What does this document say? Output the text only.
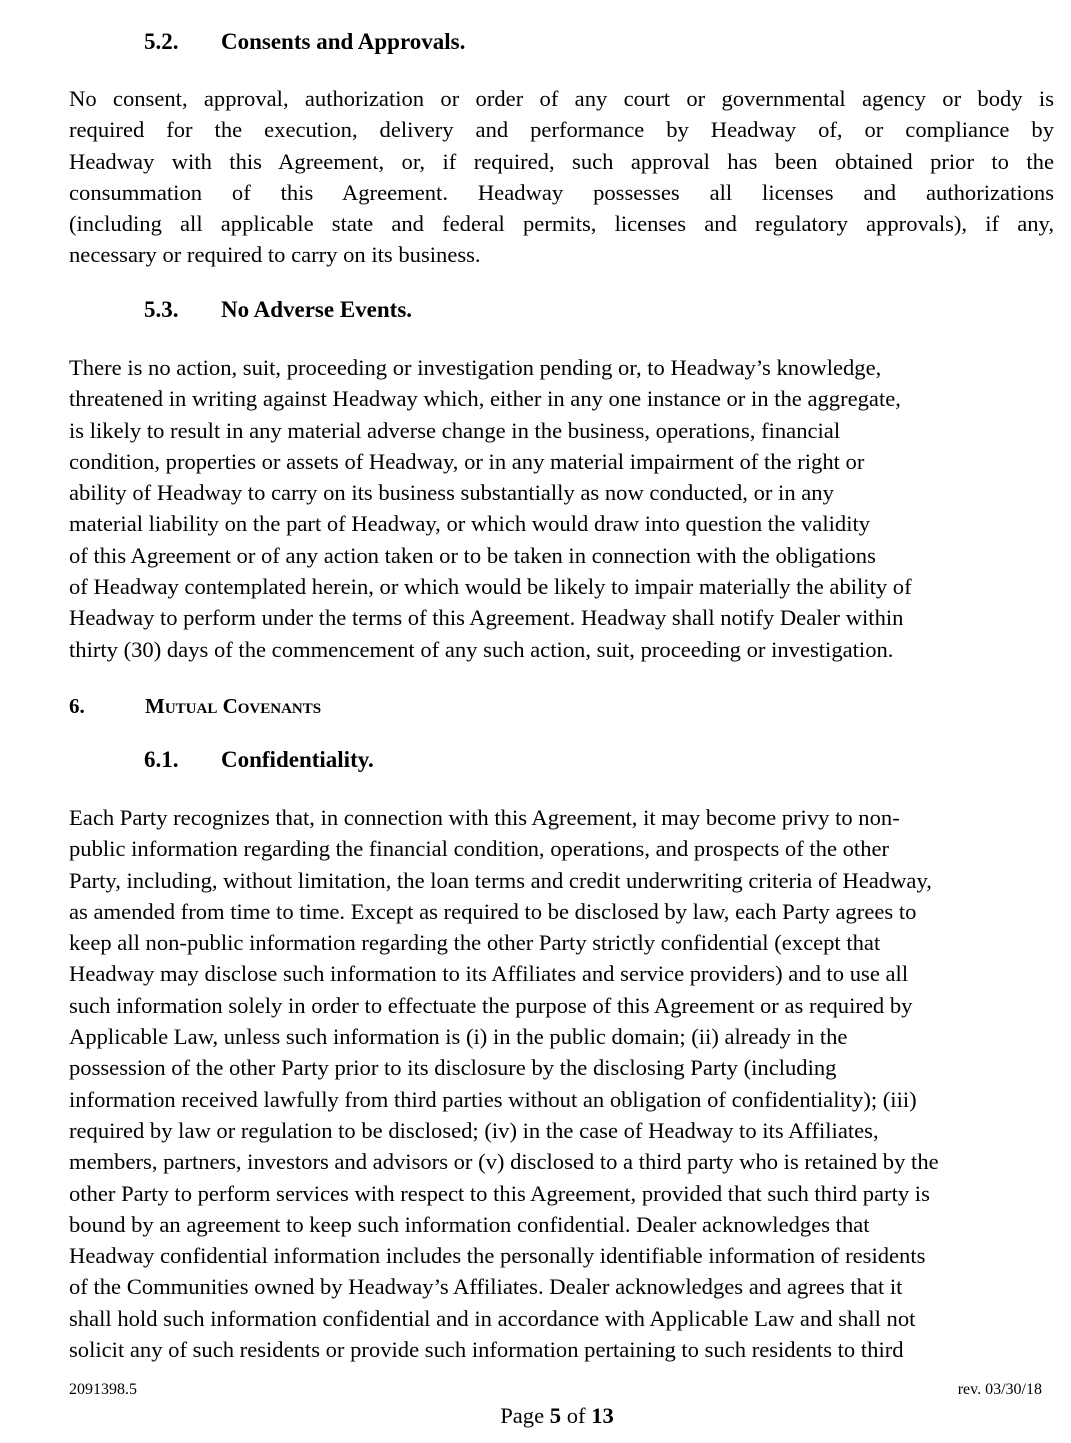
5.2. Consents and Approvals.
No consent, approval, authorization or order of any court or governmental agency or body is
required for the execution, delivery and performance by Headway of, or compliance by
Headway with this Agreement, or, if required, such approval has been obtained prior to the
consummation of this Agreement. Headway possesses all licenses and authorizations
(including all applicable state and federal permits, licenses and regulatory approvals), if any,
necessary or required to carry on its business.
5.3. No Adverse Events.
There is no action, suit, proceeding or investigation pending or, to Headway’s knowledge,
threatened in writing against Headway which, either in any one instance or in the aggregate,
is likely to result in any material adverse change in the business, operations, financial
condition, properties or assets of Headway, or in any material impairment of the right or
ability of Headway to carry on its business substantially as now conducted, or in any
material liability on the part of Headway, or which would draw into question the validity
of this Agreement or of any action taken or to be taken in connection with the obligations
of Headway contemplated herein, or which would be likely to impair materially the ability of
Headway to perform under the terms of this Agreement. Headway shall notify Dealer within
thirty (30) days of the commencement of any such action, suit, proceeding or investigation.
6.	Mutual Covenants
6.1. Confidentiality.
Each Party recognizes that, in connection with this Agreement, it may become privy to non-
public information regarding the financial condition, operations, and prospects of the other
Party, including, without limitation, the loan terms and credit underwriting criteria of Headway,
as amended from time to time. Except as required to be disclosed by law, each Party agrees to
keep all non-public information regarding the other Party strictly confidential (except that
Headway may disclose such information to its Affiliates and service providers) and to use all
such information solely in order to effectuate the purpose of this Agreement or as required by
Applicable Law, unless such information is (i) in the public domain; (ii) already in the
possession of the other Party prior to its disclosure by the disclosing Party (including
information received lawfully from third parties without an obligation of confidentiality); (iii)
required by law or regulation to be disclosed; (iv) in the case of Headway to its Affiliates,
members, partners, investors and advisors or (v) disclosed to a third party who is retained by the
other Party to perform services with respect to this Agreement, provided that such third party is
bound by an agreement to keep such information confidential. Dealer acknowledges that
Headway confidential information includes the personally identifiable information of residents
of the Communities owned by Headway’s Affiliates. Dealer acknowledges and agrees that it
shall hold such information confidential and in accordance with Applicable Law and shall not
solicit any of such residents or provide such information pertaining to such residents to third
2091398.5	rev. 03/30/18
Page 5 of 13
